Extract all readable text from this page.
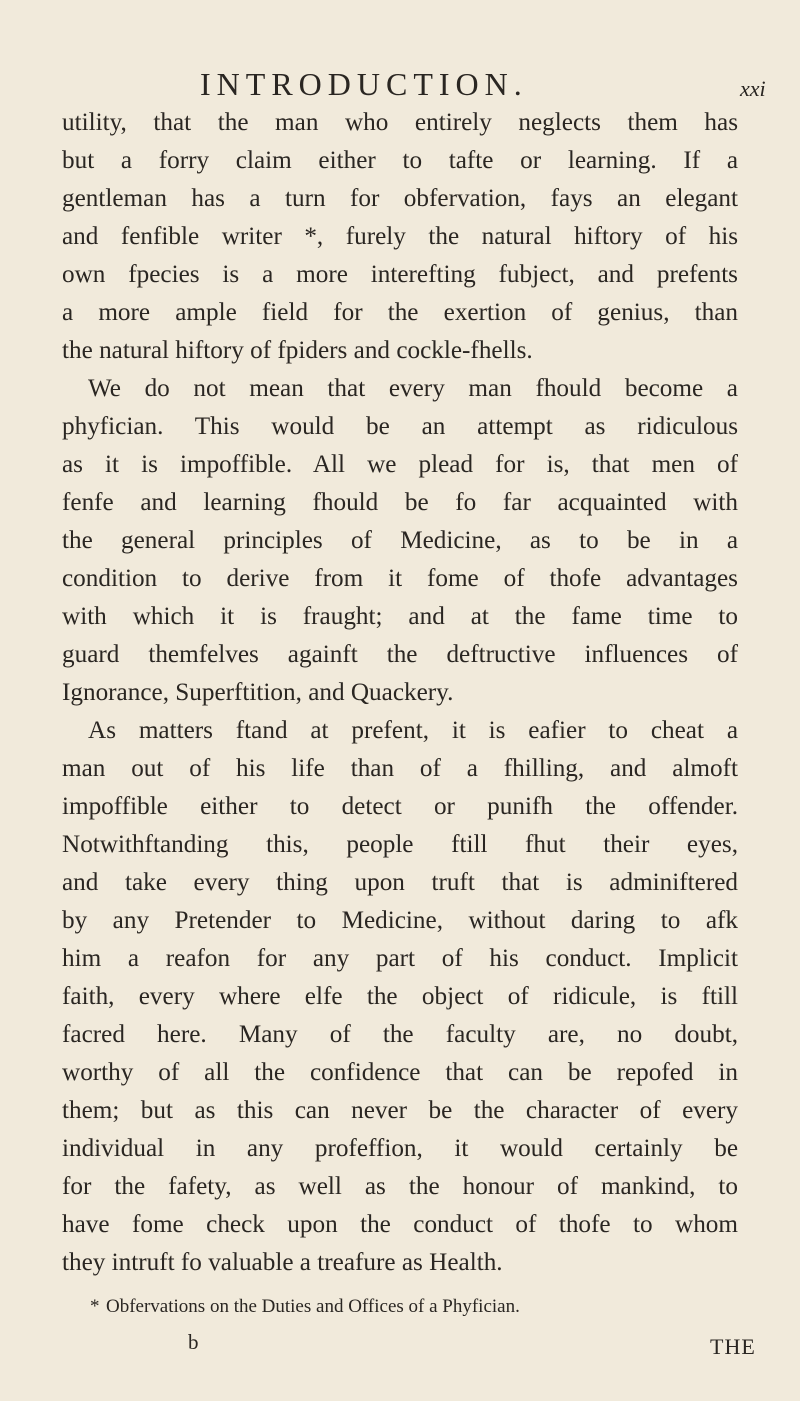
INTRODUCTION.	xxi
utility, that the man who entirely neglects them has
but a forry claim either to tafte or learning. If a
gentleman has a turn for obfervation, fays an elegant
and fenfible writer *, furely the natural hiftory of his
own fpecies is a more interefting fubject, and prefents
a more ample field for the exertion of genius, than
the natural hiftory of fpiders and cockle-fhells.
We do not mean that every man fhould become a
phyfician. This would be an attempt as ridiculous
as it is impoffible. All we plead for is, that men of
fenfe and learning fhould be fo far acquainted with
the general principles of Medicine, as to be in a
condition to derive from it fome of thofe advantages
with which it is fraught; and at the fame time to
guard themfelves againft the deftructive influences of
Ignorance, Superftition, and Quackery.
As matters ftand at prefent, it is eafier to cheat a
man out of his life than of a fhilling, and almoft
impoffible either to detect or punifh the offender.
Notwithftanding this, people ftill fhut their eyes,
and take every thing upon truft that is adminiftered
by any Pretender to Medicine, without daring to afk
him a reafon for any part of his conduct. Implicit
faith, every where elfe the object of ridicule, is ftill
facred here. Many of the faculty are, no doubt,
worthy of all the confidence that can be repofed in
them; but as this can never be the character of every
individual in any profeffion, it would certainly be
for the fafety, as well as the honour of mankind, to
have fome check upon the conduct of thofe to whom
they intruft fo valuable a treafure as Health.
* Obfervations on the Duties and Offices of a Phyfician.
b	THE
